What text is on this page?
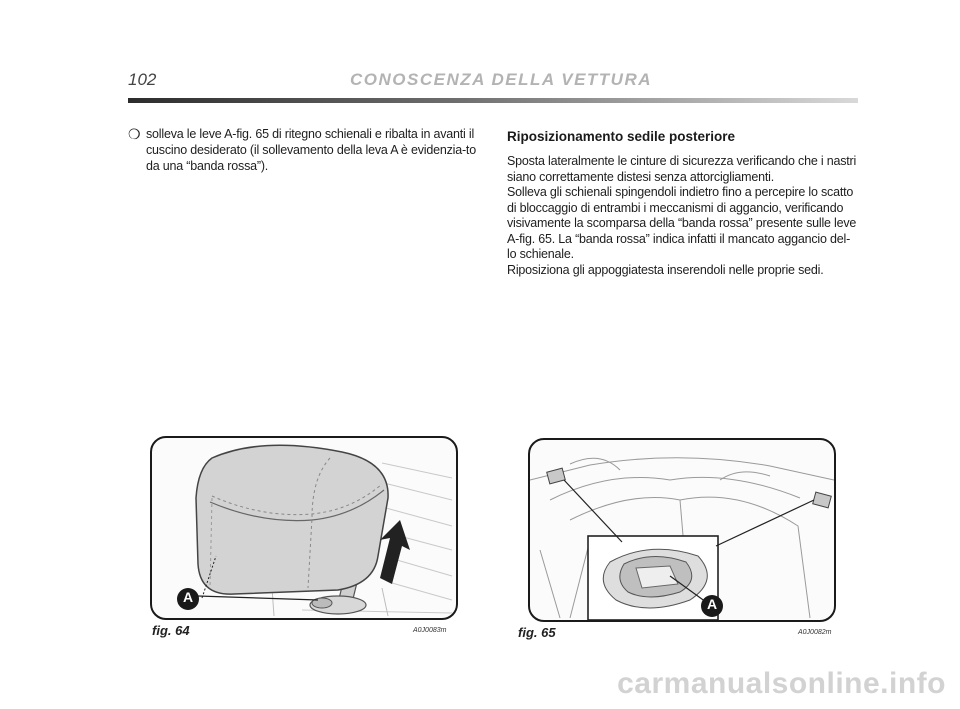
102	CONOSCENZA DELLA VETTURA
❍ solleva le leve A-fig. 65 di ritegno schienali e ribalta in avanti il cuscino desiderato (il sollevamento della leva A è evidenzia-to da una “banda rossa”).
Riposizionamento sedile posteriore

Sposta lateralmente le cinture di sicurezza verificando che i nastri siano correttamente distesi senza attorcigliamenti.

Solleva gli schienali spingendoli indietro fino a percepire lo scatto di bloccaggio di entrambi i meccanismi di aggancio, verificando visivamente la scomparsa della “banda rossa” presente sulle leve A-fig. 65. La “banda rossa” indica infatti il mancato aggancio del-lo schienale.

Riposiziona gli appoggiatesta inserendoli nelle proprie sedi.

A
fig. 64	A0J0083m
A
fig. 65	A0J0082m
carmanualsonline.info
